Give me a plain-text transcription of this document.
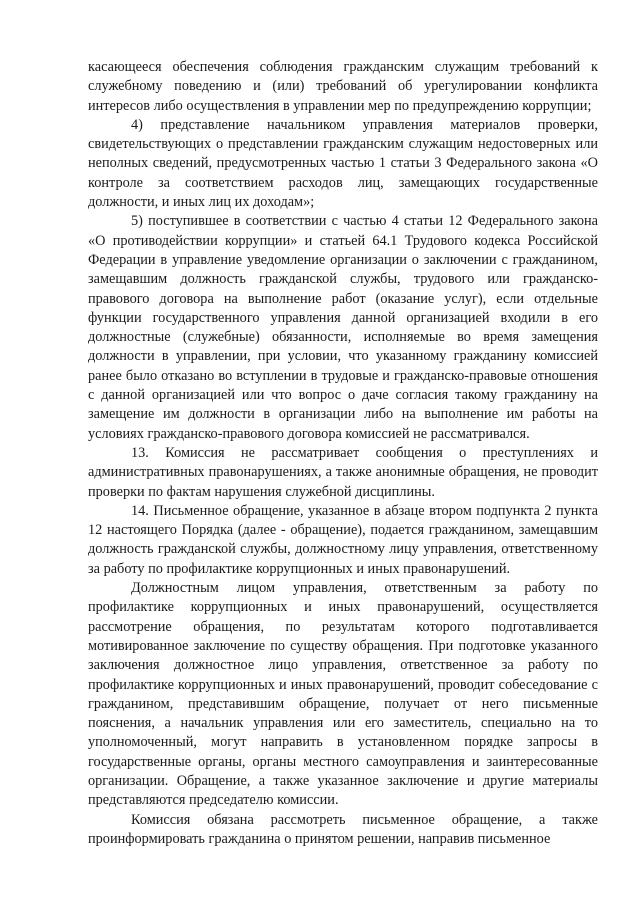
касающееся обеспечения соблюдения гражданским служащим требований к служебному поведению и (или) требований об урегулировании конфликта интересов либо осуществления в управлении мер по предупреждению коррупции;

4) представление начальником управления материалов проверки, свидетельствующих о представлении гражданским служащим недостоверных или неполных сведений, предусмотренных частью 1 статьи 3 Федерального закона «О контроле за соответствием расходов лиц, замещающих государственные должности, и иных лиц их доходам»;

5) поступившее в соответствии с частью 4 статьи 12 Федерального закона «О противодействии коррупции» и статьей 64.1 Трудового кодекса Российской Федерации в управление уведомление организации о заключении с гражданином, замещавшим должность гражданской службы, трудового или гражданско-правового договора на выполнение работ (оказание услуг), если отдельные функции государственного управления данной организацией входили в его должностные (служебные) обязанности, исполняемые во время замещения должности в управлении, при условии, что указанному гражданину комиссией ранее было отказано во вступлении в трудовые и гражданско-правовые отношения с данной организацией или что вопрос о даче согласия такому гражданину на замещение им должности в организации либо на выполнение им работы на условиях гражданско-правового договора комиссией не рассматривался.

13. Комиссия не рассматривает сообщения о преступлениях и административных правонарушениях, а также анонимные обращения, не проводит проверки по фактам нарушения служебной дисциплины.

14. Письменное обращение, указанное в абзаце втором подпункта 2 пункта 12 настоящего Порядка (далее - обращение), подается гражданином, замещавшим должность гражданской службы, должностному лицу управления, ответственному за работу по профилактике коррупционных и иных правонарушений.

Должностным лицом управления, ответственным за работу по профилактике коррупционных и иных правонарушений, осуществляется рассмотрение обращения, по результатам которого подготавливается мотивированное заключение по существу обращения. При подготовке указанного заключения должностное лицо управления, ответственное за работу по профилактике коррупционных и иных правонарушений, проводит собеседование с гражданином, представившим обращение, получает от него письменные пояснения, а начальник управления или его заместитель, специально на то уполномоченный, могут направить в установленном порядке запросы в государственные органы, органы местного самоуправления и заинтересованные организации. Обращение, а также указанное заключение и другие материалы представляются председателю комиссии.

Комиссия обязана рассмотреть письменное обращение, а также проинформировать гражданина о принятом решении, направив письменное
